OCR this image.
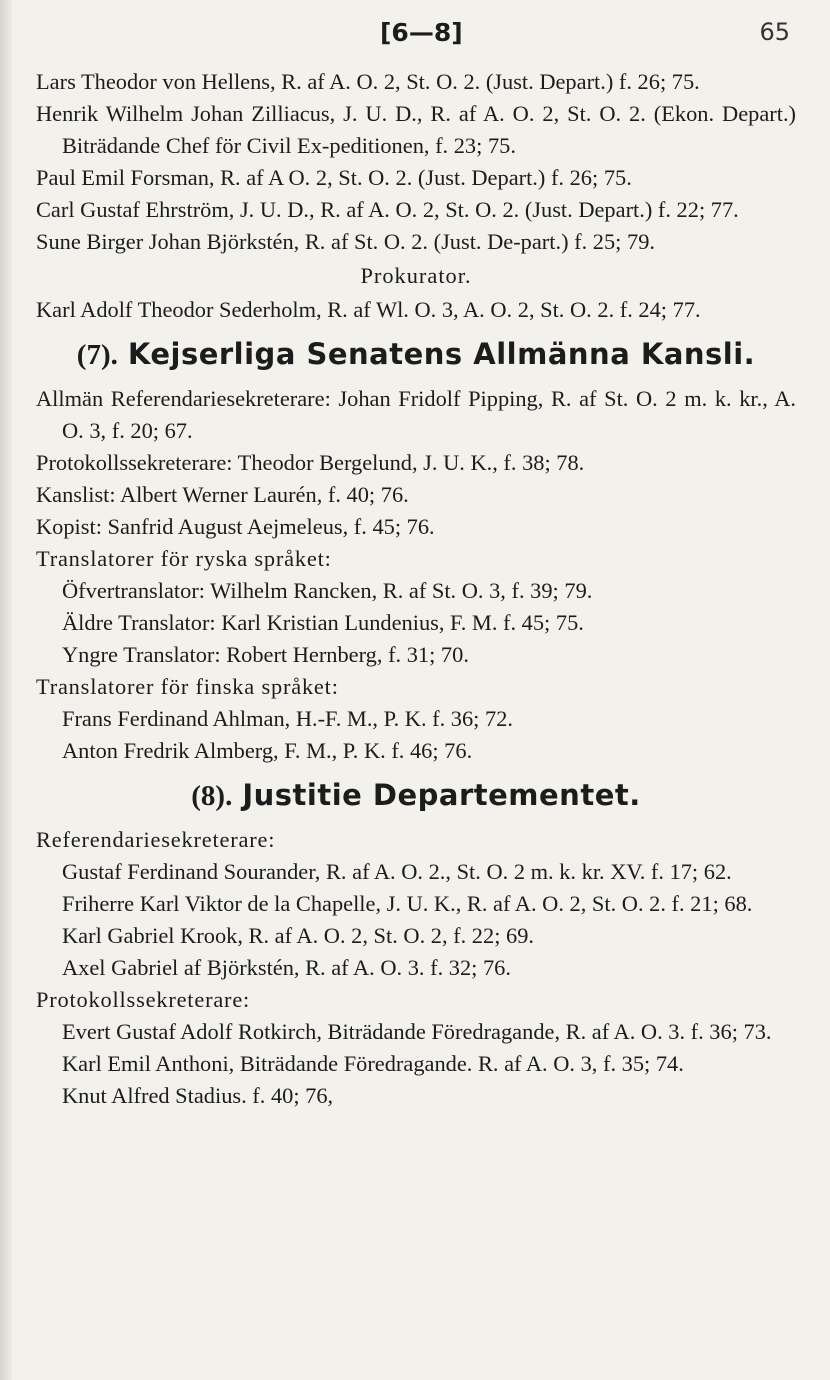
[6—8]	65
Lars Theodor von Hellens, R. af A. O. 2, St. O. 2. (Just. Depart.) f. 26; 75.
Henrik Wilhelm Johan Zilliacus, J. U. D., R. af A. O. 2, St. O. 2. (Ekon. Depart.) Biträdande Chef för Civil Ex-peditionen, f. 23; 75.
Paul Emil Forsman, R. af A O. 2, St. O. 2. (Just. Depart.) f. 26; 75.
Carl Gustaf Ehrström, J. U. D., R. af A. O. 2, St. O. 2. (Just. Depart.) f. 22; 77.
Sune Birger Johan Björkstén, R. af St. O. 2. (Just. De-part.) f. 25; 79.
Prokurator.
Karl Adolf Theodor Sederholm, R. af Wl. O. 3, A. O. 2, St. O. 2. f. 24; 77.
(7). Kejserliga Senatens Allmänna Kansli.
Allmän Referendariesekreterare: Johan Fridolf Pipping, R. af St. O. 2 m. k. kr., A. O. 3, f. 20; 67.
Protokollssekreterare: Theodor Bergelund, J. U. K., f. 38; 78.
Kanslist: Albert Werner Laurén, f. 40; 76.
Kopist: Sanfrid August Aejmeleus, f. 45; 76.
Translatorer för ryska språket:
Öfvertranslator: Wilhelm Rancken, R. af St. O. 3, f. 39; 79.
Äldre Translator: Karl Kristian Lundenius, F. M. f. 45; 75.
Yngre Translator: Robert Hernberg, f. 31; 70.
Translatorer för finska språket:
Frans Ferdinand Ahlman, H.-F. M., P. K. f. 36; 72.
Anton Fredrik Almberg, F. M., P. K. f. 46; 76.
(8). Justitie Departementet.
Referendariesekreterare:
Gustaf Ferdinand Sourander, R. af A. O. 2., St. O. 2 m. k. kr. XV. f. 17; 62.
Friherre Karl Viktor de la Chapelle, J. U. K., R. af A. O. 2, St. O. 2. f. 21; 68.
Karl Gabriel Krook, R. af A. O. 2, St. O. 2, f. 22; 69.
Axel Gabriel af Björkstén, R. af A. O. 3. f. 32; 76.
Protokollssekreterare:
Evert Gustaf Adolf Rotkirch, Biträdande Föredragande, R. af A. O. 3. f. 36; 73.
Karl Emil Anthoni, Biträdande Föredragande. R. af A. O. 3, f. 35; 74.
Knut Alfred Stadius. f. 40; 76,
